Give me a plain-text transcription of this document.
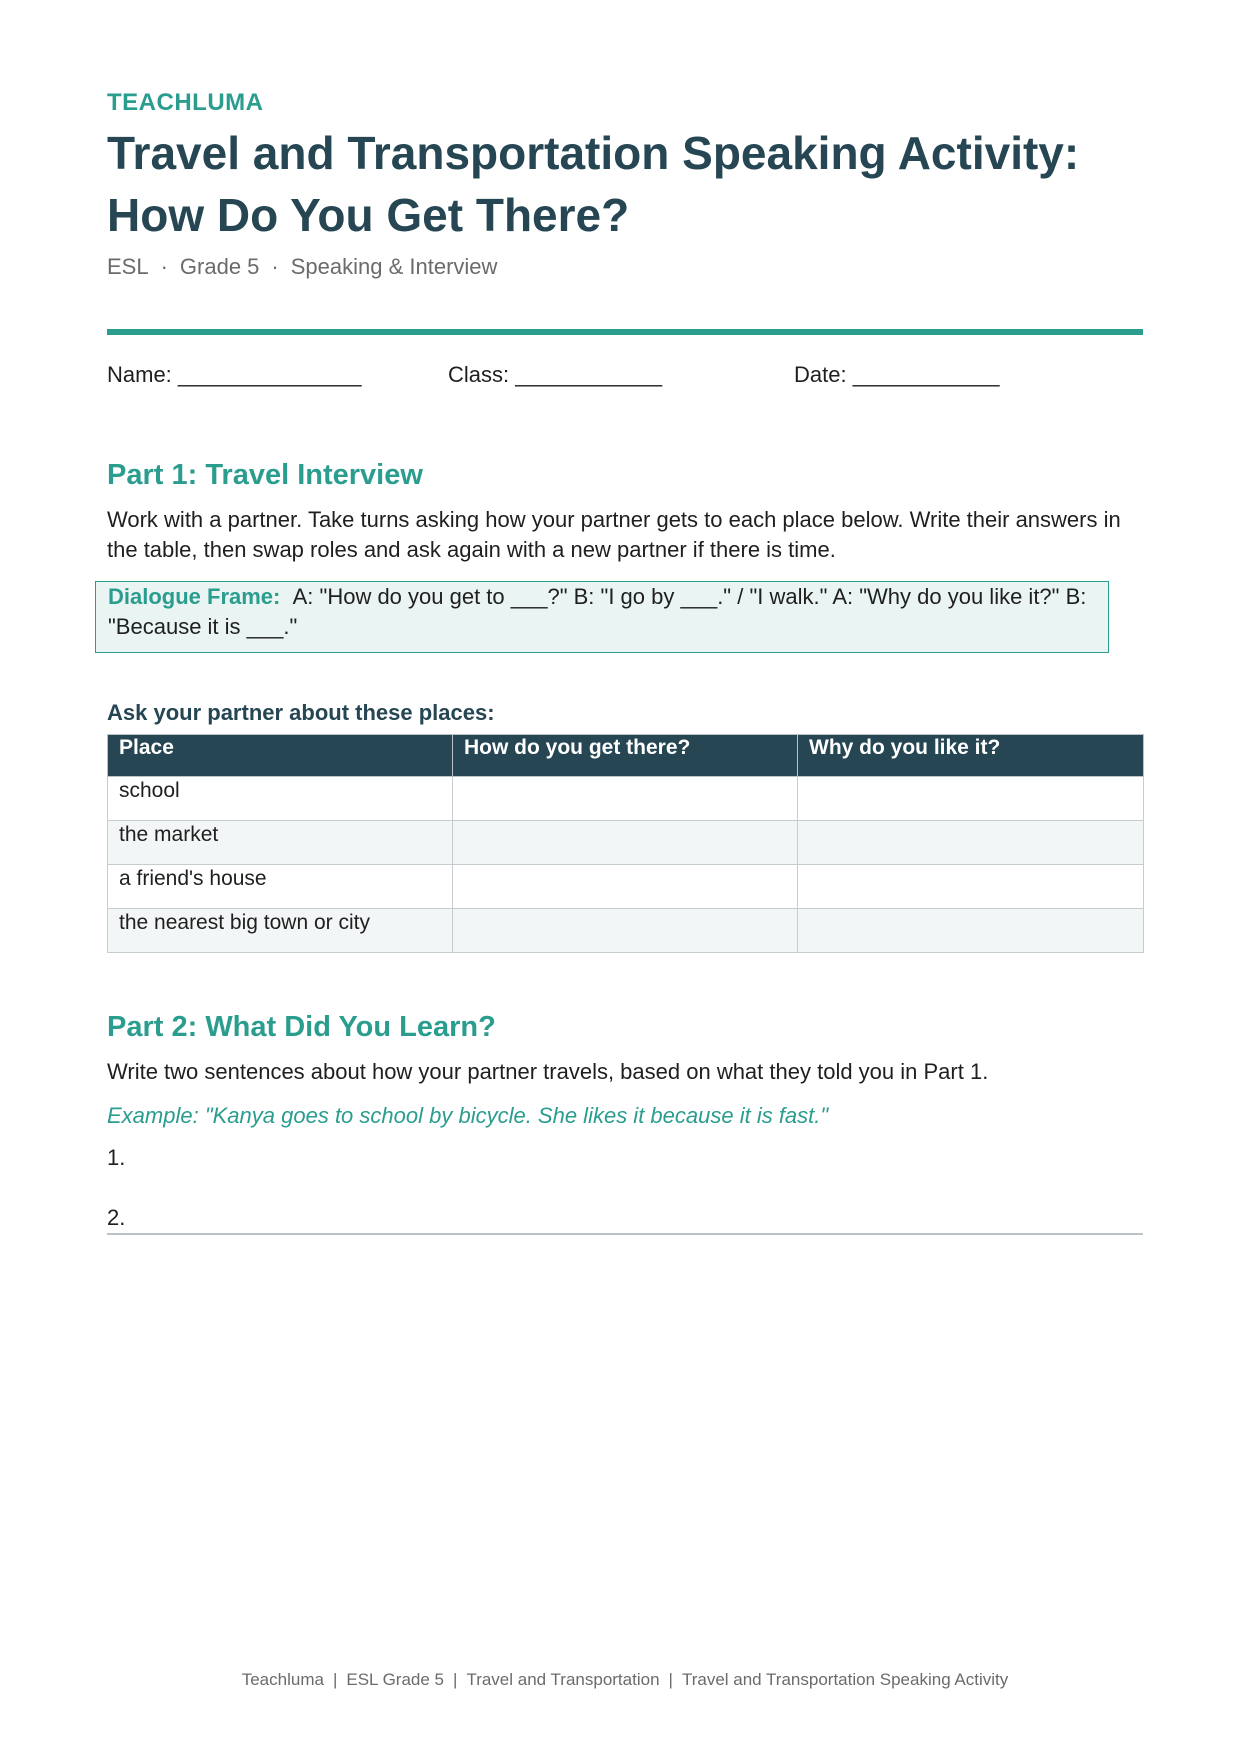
TEACHLUMA
Travel and Transportation Speaking Activity: How Do You Get There?
ESL · Grade 5 · Speaking & Interview
Name: _______________	Class: ____________	Date: ____________
Part 1: Travel Interview
Work with a partner. Take turns asking how your partner gets to each place below. Write their answers in the table, then swap roles and ask again with a new partner if there is time.
Dialogue Frame: A: "How do you get to ___?" B: "I go by ___." / "I walk." A: "Why do you like it?" B: "Because it is ___."
Ask your partner about these places:
Place	How do you get there?	Why do you like it?
school		
the market		
a friend's house		
the nearest big town or city		
Part 2: What Did You Learn?
Write two sentences about how your partner travels, based on what they told you in Part 1.
Example: "Kanya goes to school by bicycle. She likes it because it is fast."
1.
2.
Teachluma | ESL Grade 5 | Travel and Transportation | Travel and Transportation Speaking Activity
